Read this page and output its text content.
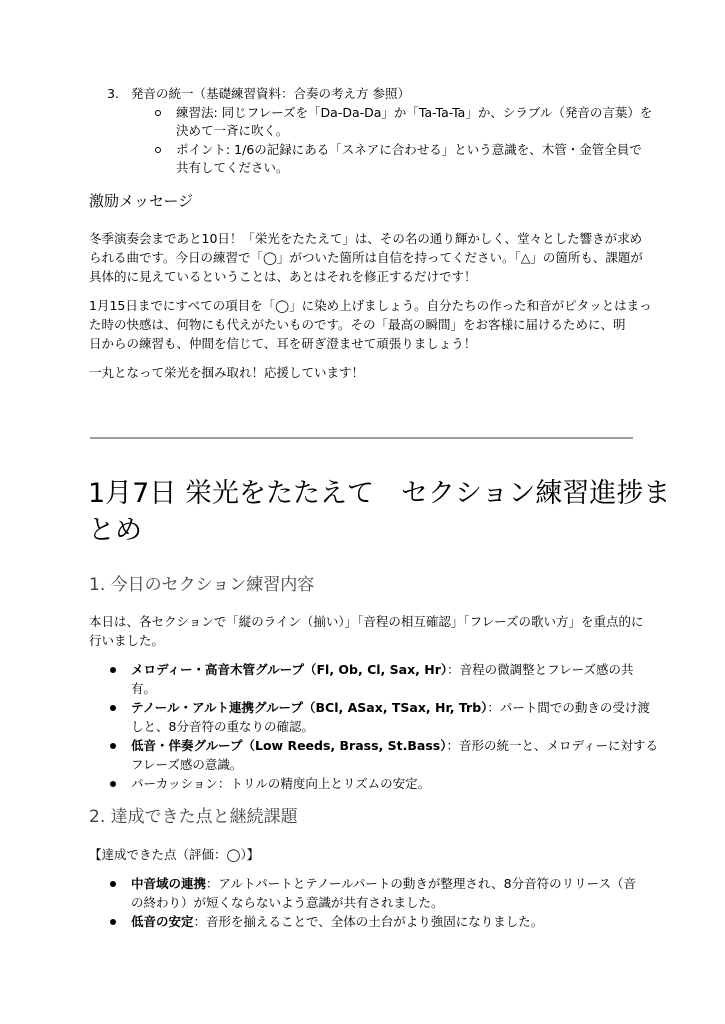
3. 発音の統一（基礎練習資料：合奏の考え方 参照）
練習法: 同じフレーズを「Da-Da-Da」か「Ta-Ta-Ta」か、シラブル（発音の言葉）を
決めて一斉に吹く。
ポイント: 1/6の記録にある「スネアに合わせる」という意識を、木管・金管全員で
共有してください。
激励メッセージ
冬季演奏会まであと10日！「栄光をたたえて」は、その名の通り輝かしく、堂々とした響きが求め
られる曲です。今日の練習で「◯」がついた箇所は自信を持ってください。「△」の箇所も、課題が
具体的に見えているということは、あとはそれを修正するだけです！
1月15日までにすべての項目を「◯」に染め上げましょう。自分たちの作った和音がピタッとはまっ
た時の快感は、何物にも代えがたいものです。その「最高の瞬間」をお客様に届けるために、明
日からの練習も、仲間を信じて、耳を研ぎ澄ませて頑張りましょう！
一丸となって栄光を掴み取れ！応援しています！
1月7日 栄光をたたえて　セクション練習進捗ま
とめ
1. 今日のセクション練習内容
本日は、各セクションで「縦のライン（揃い）」「音程の相互確認」「フレーズの歌い方」を重点的に
行いました。
メロディー・高音木管グループ（Fl, Ob, Cl, Sax, Hr）：音程の微調整とフレーズ感の共
有。
テノール・アルト連携グループ（BCl, ASax, TSax, Hr, Trb）：パート間での動きの受け渡
しと、8分音符の重なりの確認。
低音・伴奏グループ（Low Reeds, Brass, St.Bass）：音形の統一と、メロディーに対する
フレーズ感の意識。
パーカッション：トリルの精度向上とリズムの安定。
2. 達成できた点と継続課題
【達成できた点（評価：◯）】
中音域の連携：アルトパートとテノールパートの動きが整理され、8分音符のリリース（音
の終わり）が短くならないよう意識が共有されました。
低音の安定：音形を揃えることで、全体の土台がより強固になりました。
